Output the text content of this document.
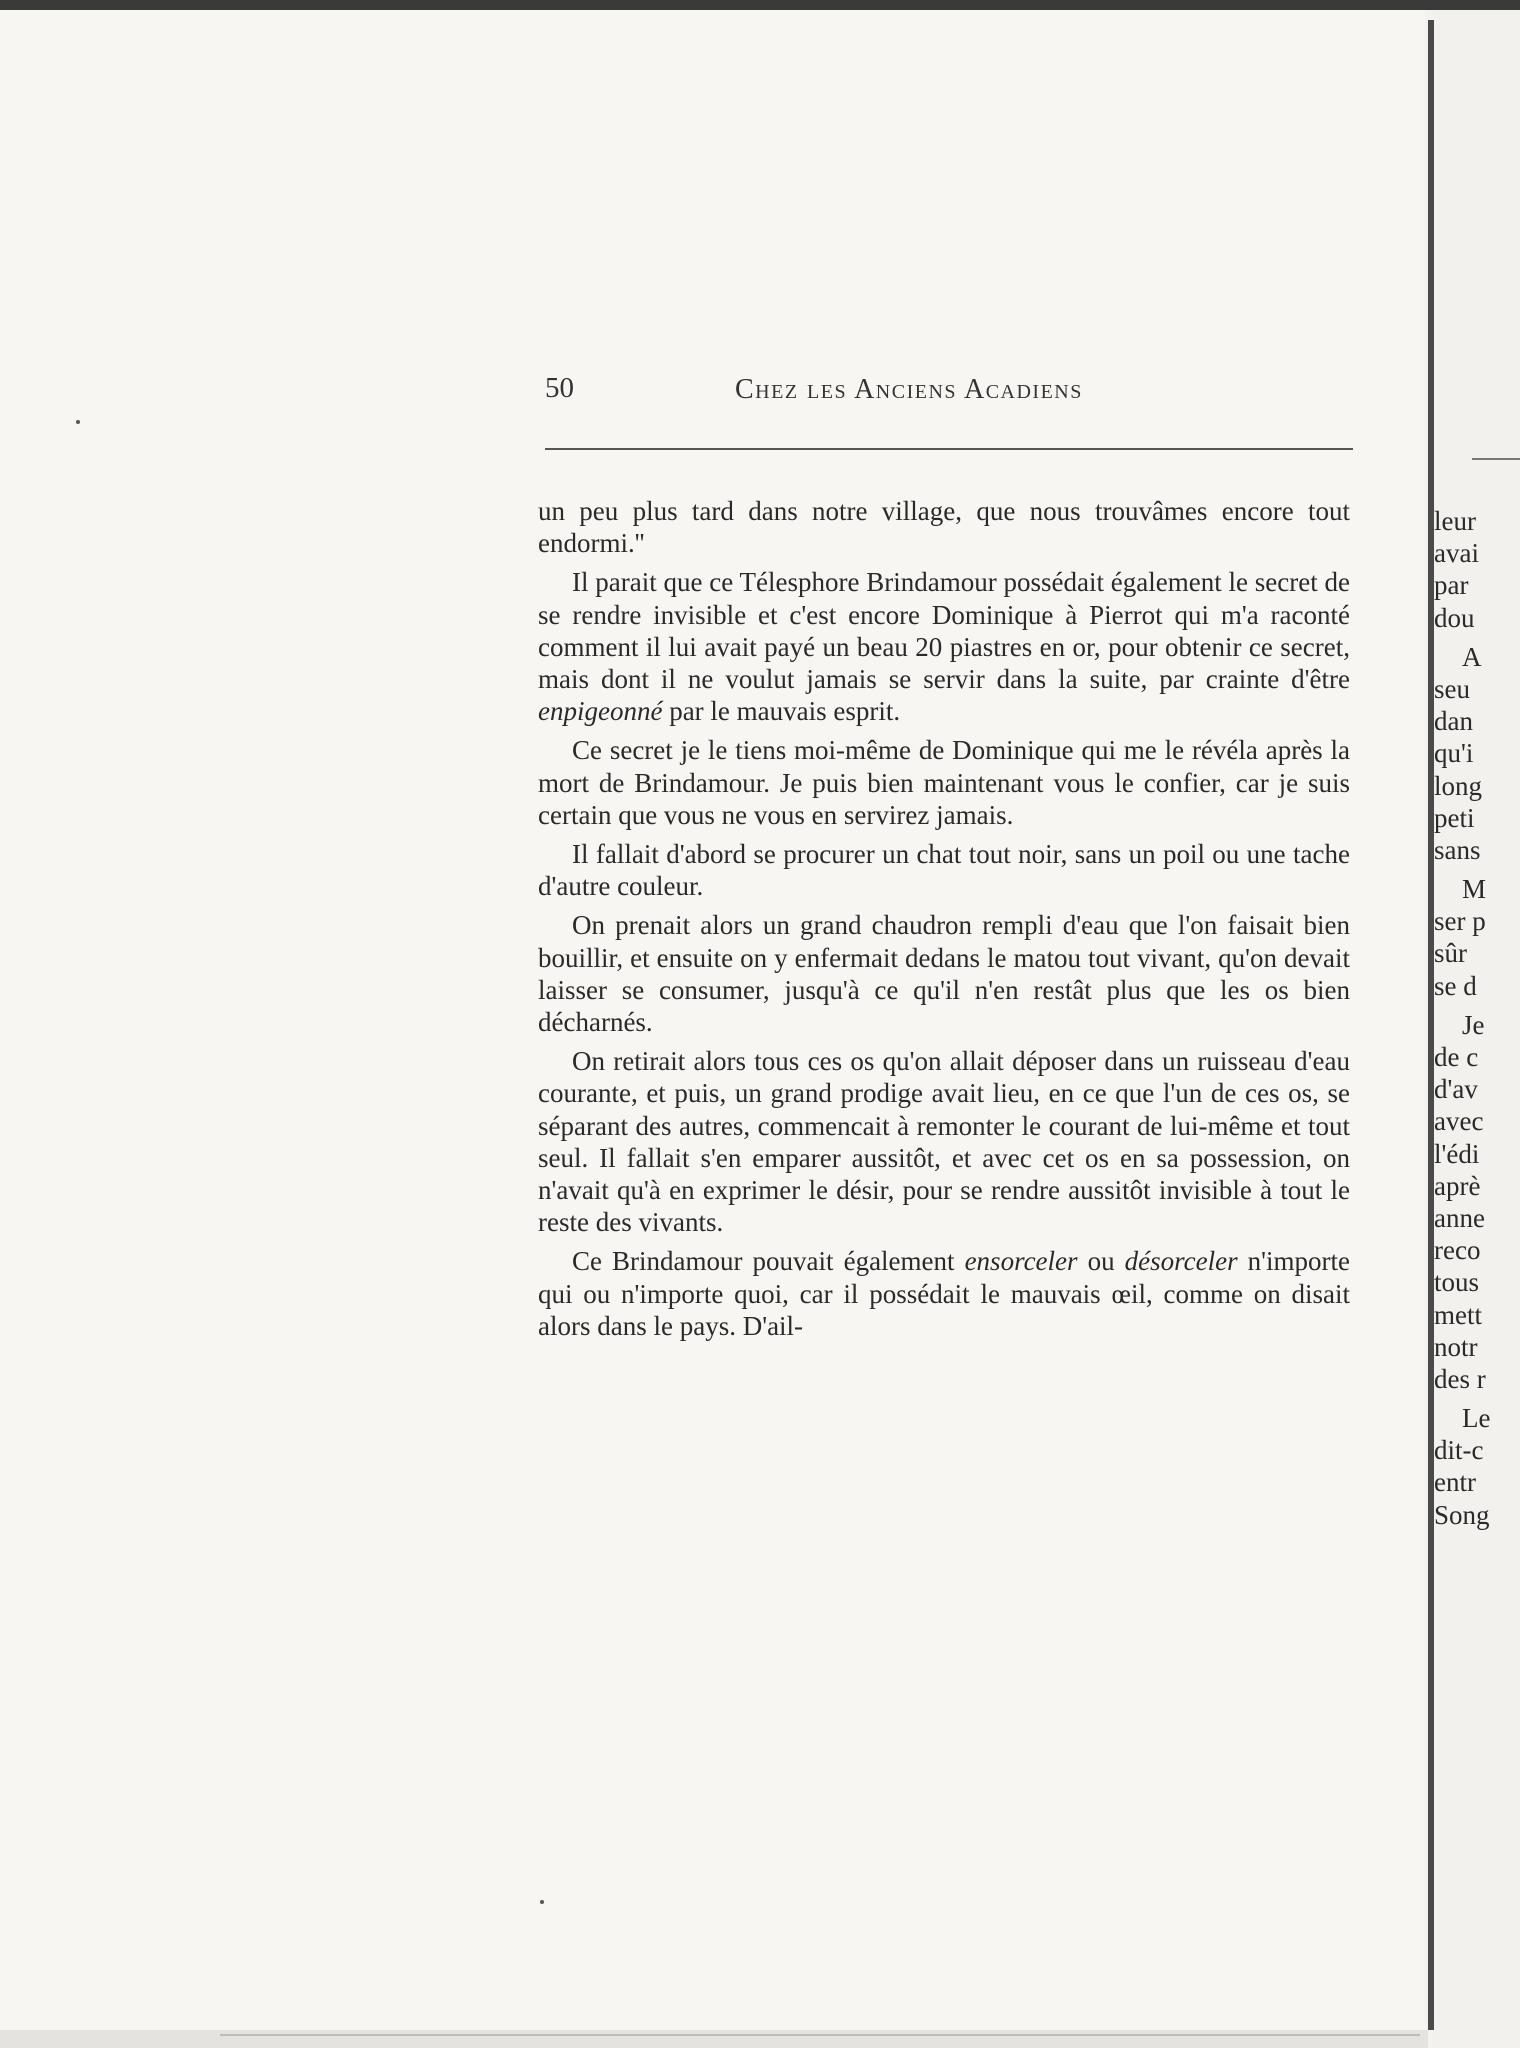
leur
avai
par
dou
A
seu
dan
qu'i
long
peti
sans
M
ser p
sûr
se d
Je
de c
d'av
avec
l'édi
aprè
anne
reco
tous
mett
notr
des r
Le
dit-c
entr
Song
50	Chez les Anciens Acadiens

un peu plus tard dans notre village, que nous trouvâmes encore tout endormi.''

Il parait que ce Télesphore Brindamour possédait également le secret de se rendre invisible et c'est encore Dominique à Pierrot qui m'a raconté comment il lui avait payé un beau 20 piastres en or, pour obtenir ce secret, mais dont il ne voulut jamais se servir dans la suite, par crainte d'être enpigeonné par le mauvais esprit.

Ce secret je le tiens moi-même de Dominique qui me le révéla après la mort de Brindamour. Je puis bien maintenant vous le confier, car je suis certain que vous ne vous en servirez jamais.

Il fallait d'abord se procurer un chat tout noir, sans un poil ou une tache d'autre couleur.

On prenait alors un grand chaudron rempli d'eau que l'on faisait bien bouillir, et ensuite on y enfermait dedans le matou tout vivant, qu'on devait laisser se consumer, jusqu'à ce qu'il n'en restât plus que les os bien décharnés.

On retirait alors tous ces os qu'on allait déposer dans un ruisseau d'eau courante, et puis, un grand prodige avait lieu, en ce que l'un de ces os, se séparant des autres, commencait à remonter le courant de lui-même et tout seul. Il fallait s'en emparer aussitôt, et avec cet os en sa possession, on n'avait qu'à en exprimer le désir, pour se rendre aussitôt invisible à tout le reste des vivants.

Ce Brindamour pouvait également ensorceler ou désorceler n'importe qui ou n'importe quoi, car il possédait le mauvais œil, comme on disait alors dans le pays. D'ail-
